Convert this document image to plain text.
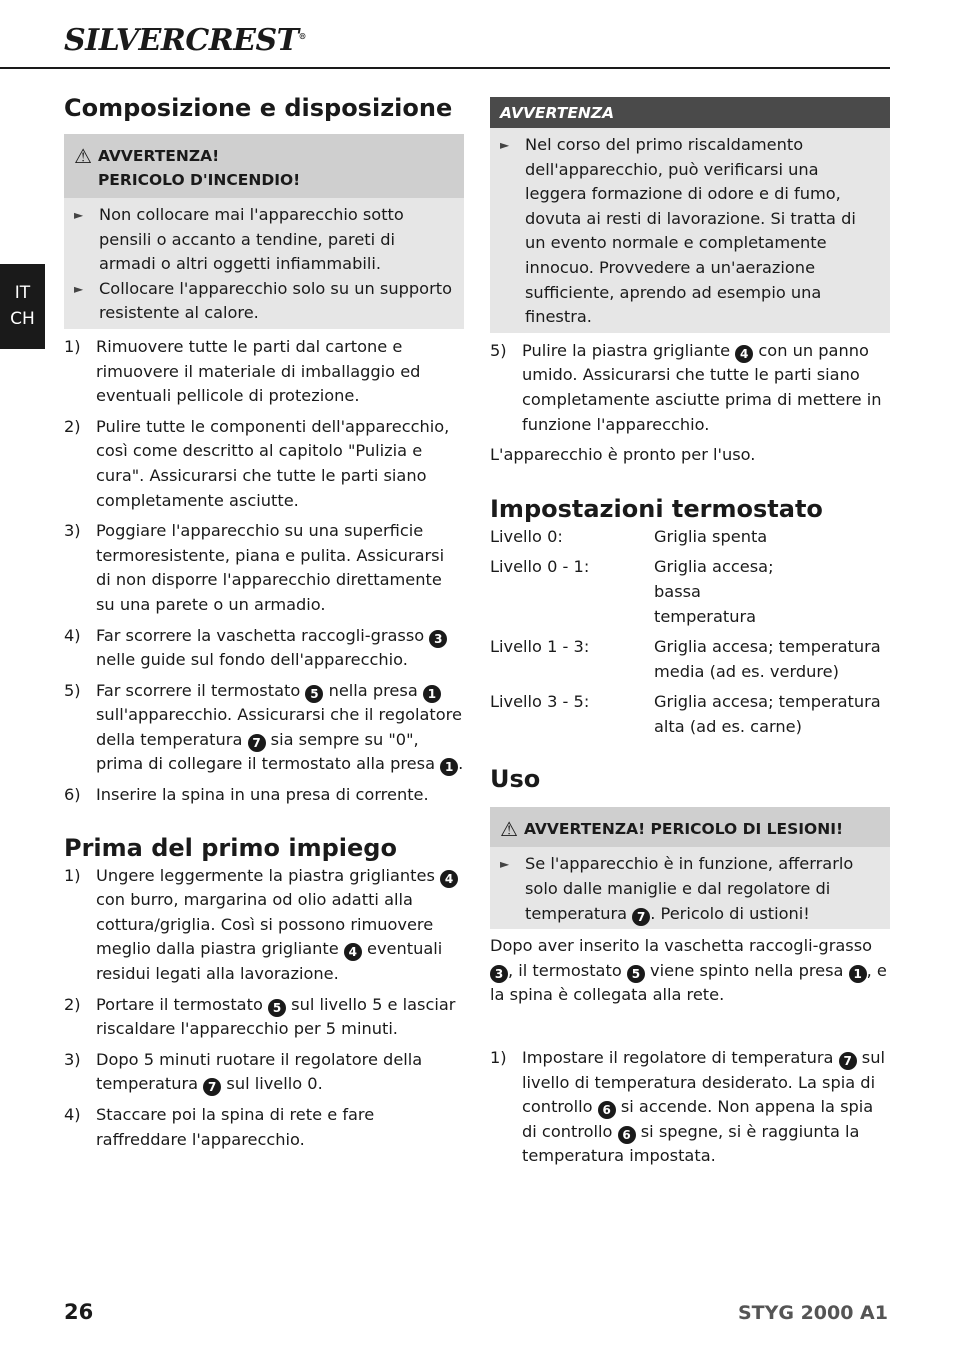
SILVERCREST®
IT
CH
Composizione e disposizione
⚠ AVVERTENZA!
PERICOLO D'INCENDIO!
► Non collocare mai l'apparecchio sotto pensili o accanto a tendine, pareti di armadi o altri oggetti infiammabili.
► Collocare l'apparecchio solo su un supporto resistente al calore.
1) Rimuovere tutte le parti dal cartone e rimuovere il materiale di imballaggio ed eventuali pellicole di protezione.
2) Pulire tutte le componenti dell'apparecchio, così come descritto al capitolo "Pulizia e cura". Assicurarsi che tutte le parti siano completamente asciutte.
3) Poggiare l'apparecchio su una superficie termoresistente, piana e pulita. Assicurarsi di non disporre l'apparecchio direttamente su una parete o un armadio.
4) Far scorrere la vaschetta raccogli-grasso 3 nelle guide sul fondo dell'apparecchio.
5) Far scorrere il termostato 5 nella presa 1 sull'apparecchio. Assicurarsi che il regolatore della temperatura 7 sia sempre su "0", prima di collegare il termostato alla presa 1 .
6) Inserire la spina in una presa di corrente.
Prima del primo impiego
1) Ungere leggermente la piastra grigliantes 4 con burro, margarina od olio adatti alla cottura/griglia. Così si possono rimuovere meglio dalla piastra grigliante 4 eventuali residui legati alla lavorazione.
2) Portare il termostato 5 sul livello 5 e lasciar riscaldare l'apparecchio per 5 minuti.
3) Dopo 5 minuti ruotare il regolatore della temperatura 7 sul livello 0.
4) Staccare poi la spina di rete e fare raffreddare l'apparecchio.
AVVERTENZA
► Nel corso del primo riscaldamento dell'apparecchio, può verificarsi una leggera formazione di odore e di fumo, dovuta ai resti di lavorazione. Si tratta di un evento normale e completamente innocuo. Provvedere a un'aerazione sufficiente, aprendo ad esempio una finestra.
5) Pulire la piastra grigliante 4 con un panno umido. Assicurarsi che tutte le parti siano completamente asciutte prima di mettere in funzione l'apparecchio.

L'apparecchio è pronto per l'uso.

Impostazioni termostato
Livello 0:	Griglia spenta
Livello 0 - 1:	Griglia accesa; bassa temperatura
Livello 1 - 3:	Griglia accesa; temperatura media (ad es. verdure)
Livello 3 - 5:	Griglia accesa; temperatura alta (ad es. carne)
Uso
⚠ AVVERTENZA! PERICOLO DI LESIONI!
► Se l'apparecchio è in funzione, afferrarlo solo dalle maniglie e dal regolatore di temperatura 7 . Pericolo di ustioni!

Dopo aver inserito la vaschetta raccogli-grasso 3 , il termostato 5 viene spinto nella presa 1 , e la spina è collegata alla rete.

1) Impostare il regolatore di temperatura 7 sul livello di temperatura desiderato. La spia di controllo 6 si accende. Non appena la spia di controllo 6 si spegne, si è raggiunta la temperatura impostata.
26	STYG 2000 A1
